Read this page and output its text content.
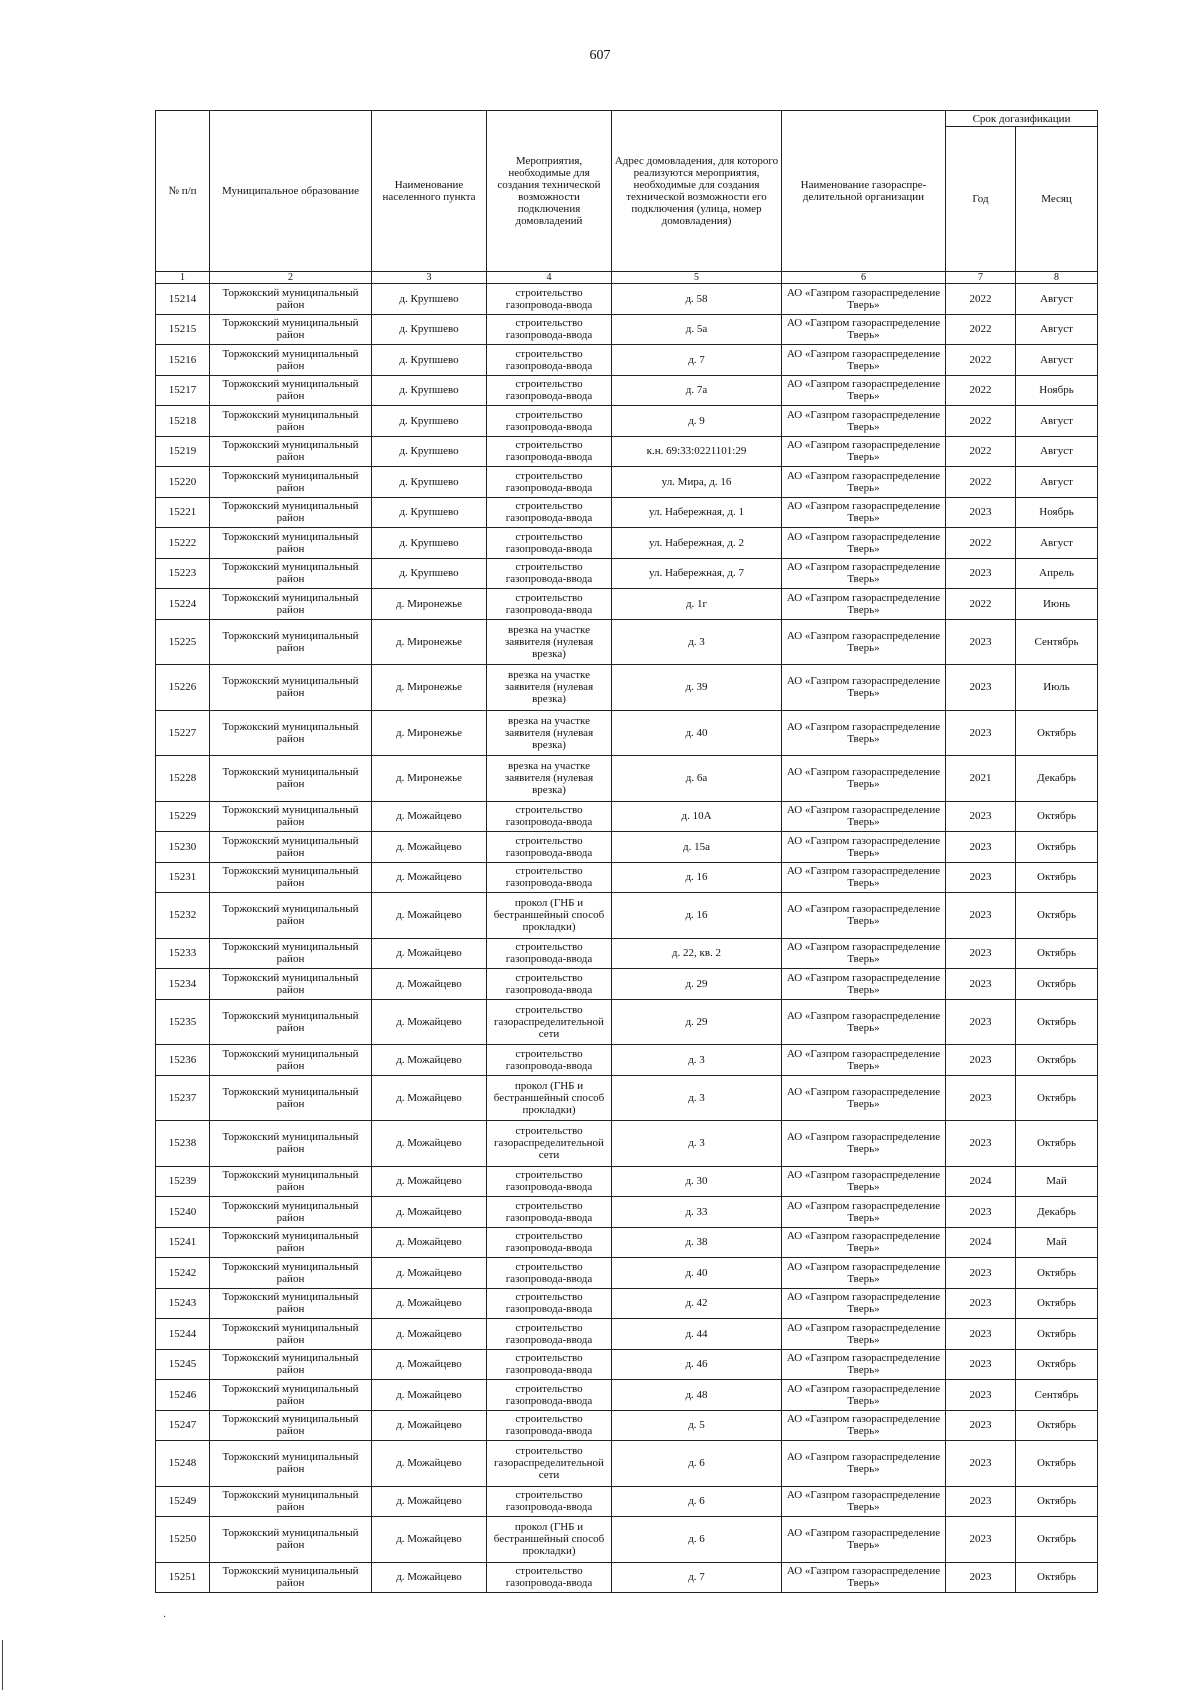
607
№ п/п	Муниципальное образование	Наименование населенного пункта	Мероприятия, необходимые для создания технической возможности подключения домовладений	Адрес домовладения, для которого реализуются мероприятия, необходимые для создания технической возможности его подключения (улица, номер домовладения)	Наименование газораспре-делительной организации	Срок догазификации	
						Год	Месяц
1	2	3	4	5	6	7	8
15214	Торжокский муниципальный район	д. Крупшево	строительство газопровода-ввода	д. 58	АО «Газпром газораспределение Тверь»	2022	Август
15215	Торжокский муниципальный район	д. Крупшево	строительство газопровода-ввода	д. 5а	АО «Газпром газораспределение Тверь»	2022	Август
15216	Торжокский муниципальный район	д. Крупшево	строительство газопровода-ввода	д. 7	АО «Газпром газораспределение Тверь»	2022	Август
15217	Торжокский муниципальный район	д. Крупшево	строительство газопровода-ввода	д. 7а	АО «Газпром газораспределение Тверь»	2022	Ноябрь
15218	Торжокский муниципальный район	д. Крупшево	строительство газопровода-ввода	д. 9	АО «Газпром газораспределение Тверь»	2022	Август
15219	Торжокский муниципальный район	д. Крупшево	строительство газопровода-ввода	к.н. 69:33:0221101:29	АО «Газпром газораспределение Тверь»	2022	Август
15220	Торжокский муниципальный район	д. Крупшево	строительство газопровода-ввода	ул. Мира, д. 16	АО «Газпром газораспределение Тверь»	2022	Август
15221	Торжокский муниципальный район	д. Крупшево	строительство газопровода-ввода	ул. Набережная, д. 1	АО «Газпром газораспределение Тверь»	2023	Ноябрь
15222	Торжокский муниципальный район	д. Крупшево	строительство газопровода-ввода	ул. Набережная, д. 2	АО «Газпром газораспределение Тверь»	2022	Август
15223	Торжокский муниципальный район	д. Крупшево	строительство газопровода-ввода	ул. Набережная, д. 7	АО «Газпром газораспределение Тверь»	2023	Апрель
15224	Торжокский муниципальный район	д. Миронежье	строительство газопровода-ввода	д. 1г	АО «Газпром газораспределение Тверь»	2022	Июнь
15225	Торжокский муниципальный район	д. Миронежье	врезка на участке заявителя (нулевая врезка)	д. 3	АО «Газпром газораспределение Тверь»	2023	Сентябрь
15226	Торжокский муниципальный район	д. Миронежье	врезка на участке заявителя (нулевая врезка)	д. 39	АО «Газпром газораспределение Тверь»	2023	Июль
15227	Торжокский муниципальный район	д. Миронежье	врезка на участке заявителя (нулевая врезка)	д. 40	АО «Газпром газораспределение Тверь»	2023	Октябрь
15228	Торжокский муниципальный район	д. Миронежье	врезка на участке заявителя (нулевая врезка)	д. 6а	АО «Газпром газораспределение Тверь»	2021	Декабрь
15229	Торжокский муниципальный район	д. Можайцево	строительство газопровода-ввода	д. 10А	АО «Газпром газораспределение Тверь»	2023	Октябрь
15230	Торжокский муниципальный район	д. Можайцево	строительство газопровода-ввода	д. 15а	АО «Газпром газораспределение Тверь»	2023	Октябрь
15231	Торжокский муниципальный район	д. Можайцево	строительство газопровода-ввода	д. 16	АО «Газпром газораспределение Тверь»	2023	Октябрь
15232	Торжокский муниципальный район	д. Можайцево	прокол (ГНБ и бестраншейный способ прокладки)	д. 16	АО «Газпром газораспределение Тверь»	2023	Октябрь
15233	Торжокский муниципальный район	д. Можайцево	строительство газопровода-ввода	д. 22, кв. 2	АО «Газпром газораспределение Тверь»	2023	Октябрь
15234	Торжокский муниципальный район	д. Можайцево	строительство газопровода-ввода	д. 29	АО «Газпром газораспределение Тверь»	2023	Октябрь
15235	Торжокский муниципальный район	д. Можайцево	строительство газораспределительной сети	д. 29	АО «Газпром газораспределение Тверь»	2023	Октябрь
15236	Торжокский муниципальный район	д. Можайцево	строительство газопровода-ввода	д. 3	АО «Газпром газораспределение Тверь»	2023	Октябрь
15237	Торжокский муниципальный район	д. Можайцево	прокол (ГНБ и бестраншейный способ прокладки)	д. 3	АО «Газпром газораспределение Тверь»	2023	Октябрь
15238	Торжокский муниципальный район	д. Можайцево	строительство газораспределительной сети	д. 3	АО «Газпром газораспределение Тверь»	2023	Октябрь
15239	Торжокский муниципальный район	д. Можайцево	строительство газопровода-ввода	д. 30	АО «Газпром газораспределение Тверь»	2024	Май
15240	Торжокский муниципальный район	д. Можайцево	строительство газопровода-ввода	д. 33	АО «Газпром газораспределение Тверь»	2023	Декабрь
15241	Торжокский муниципальный район	д. Можайцево	строительство газопровода-ввода	д. 38	АО «Газпром газораспределение Тверь»	2024	Май
15242	Торжокский муниципальный район	д. Можайцево	строительство газопровода-ввода	д. 40	АО «Газпром газораспределение Тверь»	2023	Октябрь
15243	Торжокский муниципальный район	д. Можайцево	строительство газопровода-ввода	д. 42	АО «Газпром газораспределение Тверь»	2023	Октябрь
15244	Торжокский муниципальный район	д. Можайцево	строительство газопровода-ввода	д. 44	АО «Газпром газораспределение Тверь»	2023	Октябрь
15245	Торжокский муниципальный район	д. Можайцево	строительство газопровода-ввода	д. 46	АО «Газпром газораспределение Тверь»	2023	Октябрь
15246	Торжокский муниципальный район	д. Можайцево	строительство газопровода-ввода	д. 48	АО «Газпром газораспределение Тверь»	2023	Сентябрь
15247	Торжокский муниципальный район	д. Можайцево	строительство газопровода-ввода	д. 5	АО «Газпром газораспределение Тверь»	2023	Октябрь
15248	Торжокский муниципальный район	д. Можайцево	строительство газораспределительной сети	д. 6	АО «Газпром газораспределение Тверь»	2023	Октябрь
15249	Торжокский муниципальный район	д. Можайцево	строительство газопровода-ввода	д. 6	АО «Газпром газораспределение Тверь»	2023	Октябрь
15250	Торжокский муниципальный район	д. Можайцево	прокол (ГНБ и бестраншейный способ прокладки)	д. 6	АО «Газпром газораспределение Тверь»	2023	Октябрь
15251	Торжокский муниципальный район	д. Можайцево	строительство газопровода-ввода	д. 7	АО «Газпром газораспределение Тверь»	2023	Октябрь
·
